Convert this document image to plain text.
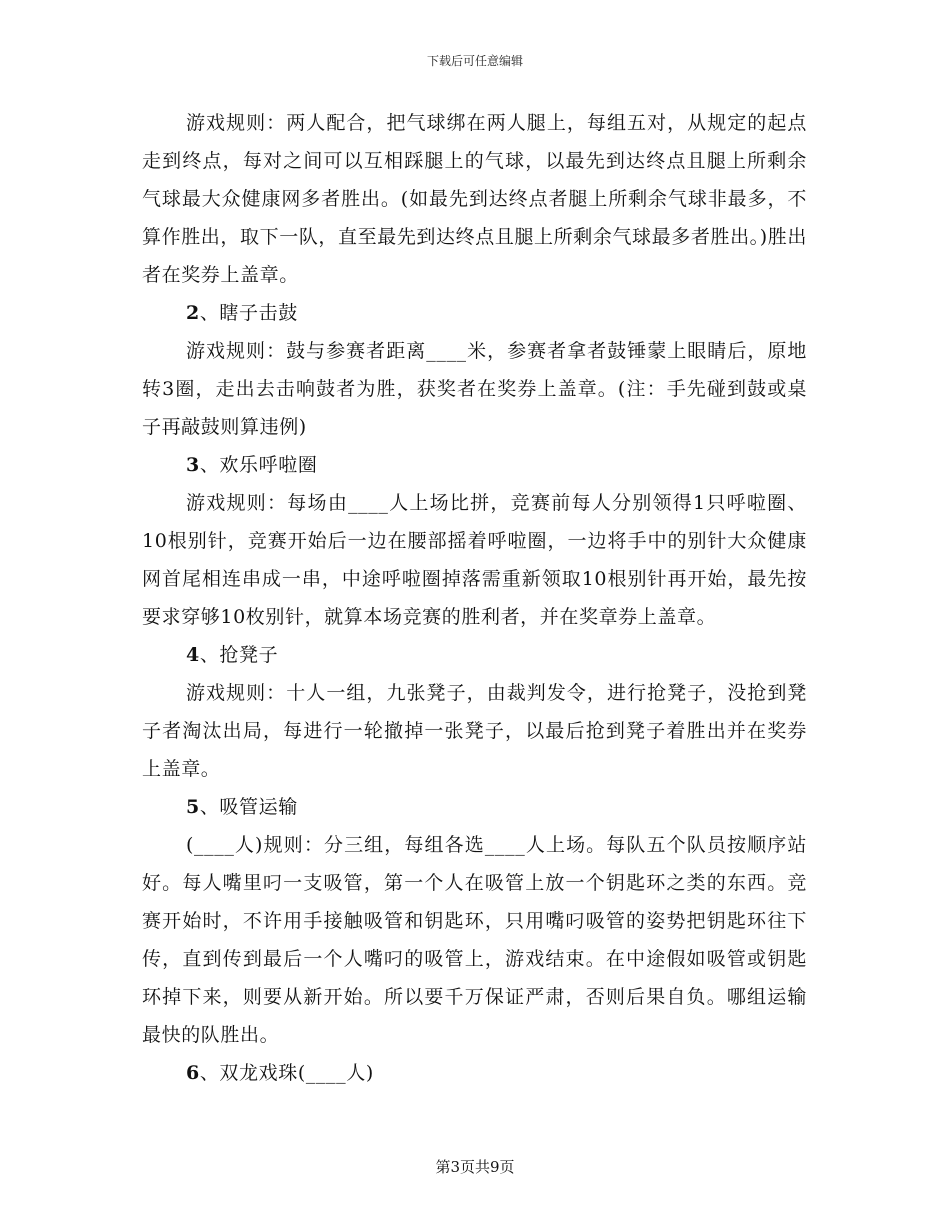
下载后可任意编辑

游戏规则：两人配合，把气球绑在两人腿上，每组五对，从规定的起点走到终点，每对之间可以互相踩腿上的气球，以最先到达终点且腿上所剩余气球最大众健康网多者胜出。(如最先到达终点者腿上所剩余气球非最多，不算作胜出，取下一队，直至最先到达终点且腿上所剩余气球最多者胜出。)胜出者在奖券上盖章。

2、瞎子击鼓

游戏规则：鼓与参赛者距离____米，参赛者拿者鼓锤蒙上眼睛后，原地转3圈，走出去击响鼓者为胜，获奖者在奖券上盖章。(注：手先碰到鼓或桌子再敲鼓则算违例)

3、欢乐呼啦圈

游戏规则：每场由____人上场比拼，竞赛前每人分别领得1只呼啦圈、10根别针，竞赛开始后一边在腰部摇着呼啦圈，一边将手中的别针大众健康网首尾相连串成一串，中途呼啦圈掉落需重新领取10根别针再开始，最先按要求穿够10枚别针，就算本场竞赛的胜利者，并在奖章券上盖章。

4、抢凳子

游戏规则：十人一组，九张凳子，由裁判发令，进行抢凳子，没抢到凳子者淘汰出局，每进行一轮撤掉一张凳子，以最后抢到凳子着胜出并在奖券上盖章。

5、吸管运输

(____人)规则：分三组，每组各选____人上场。每队五个队员按顺序站好。每人嘴里叼一支吸管，第一个人在吸管上放一个钥匙环之类的东西。竞赛开始时，不许用手接触吸管和钥匙环，只用嘴叼吸管的姿势把钥匙环往下传，直到传到最后一个人嘴叼的吸管上，游戏结束。在中途假如吸管或钥匙环掉下来，则要从新开始。所以要千万保证严肃，否则后果自负。哪组运输最快的队胜出。

6、双龙戏珠(____人)

第3页共9页
